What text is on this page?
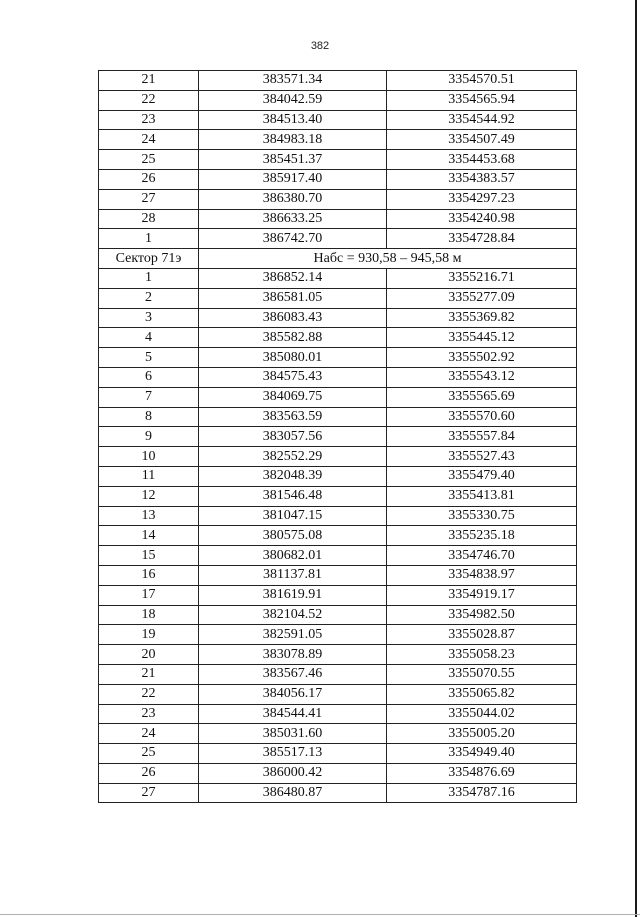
382
21	383571.34	3354570.51
22	384042.59	3354565.94
23	384513.40	3354544.92
24	384983.18	3354507.49
25	385451.37	3354453.68
26	385917.40	3354383.57
27	386380.70	3354297.23
28	386633.25	3354240.98
1	386742.70	3354728.84
Сектор 71э	Набс = 930,58 – 945,58 м	
1	386852.14	3355216.71
2	386581.05	3355277.09
3	386083.43	3355369.82
4	385582.88	3355445.12
5	385080.01	3355502.92
6	384575.43	3355543.12
7	384069.75	3355565.69
8	383563.59	3355570.60
9	383057.56	3355557.84
10	382552.29	3355527.43
11	382048.39	3355479.40
12	381546.48	3355413.81
13	381047.15	3355330.75
14	380575.08	3355235.18
15	380682.01	3354746.70
16	381137.81	3354838.97
17	381619.91	3354919.17
18	382104.52	3354982.50
19	382591.05	3355028.87
20	383078.89	3355058.23
21	383567.46	3355070.55
22	384056.17	3355065.82
23	384544.41	3355044.02
24	385031.60	3355005.20
25	385517.13	3354949.40
26	386000.42	3354876.69
27	386480.87	3354787.16
